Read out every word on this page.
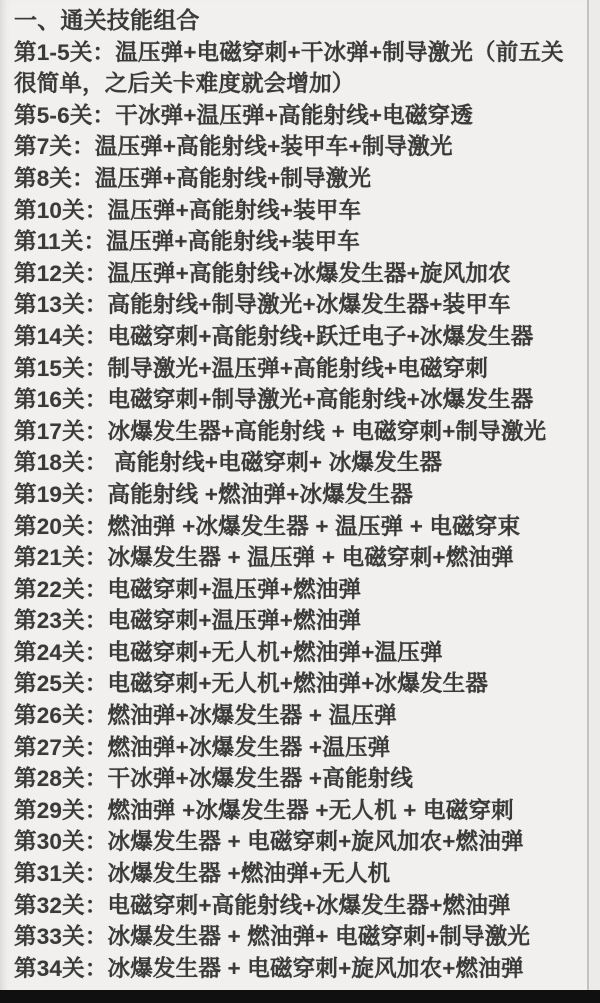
一、通关技能组合

第1-5关：温压弹+电磁穿刺+干冰弹+制导激光（前五关很简单，之后关卡难度就会增加）

第5-6关：干冰弹+温压弹+高能射线+电磁穿透

第7关：温压弹+高能射线+装甲车+制导激光

第8关：温压弹+高能射线+制导激光

第10关：温压弹+高能射线+装甲车

第11关：温压弹+高能射线+装甲车

第12关：温压弹+高能射线+冰爆发生器+旋风加农

第13关：高能射线+制导激光+冰爆发生器+装甲车

第14关：电磁穿刺+高能射线+跃迁电子+冰爆发生器

第15关：制导激光+温压弹+高能射线+电磁穿刺

第16关：电磁穿刺+制导激光+高能射线+冰爆发生器

第17关：冰爆发生器+高能射线 + 电磁穿刺+制导激光

第18关： 高能射线+电磁穿刺+ 冰爆发生器

第19关：高能射线 +燃油弹+冰爆发生器

第20关：燃油弹 +冰爆发生器 + 温压弹 + 电磁穿束

第21关：冰爆发生器 + 温压弹 + 电磁穿刺+燃油弹

第22关：电磁穿刺+温压弹+燃油弹

第23关：电磁穿刺+温压弹+燃油弹

第24关：电磁穿刺+无人机+燃油弹+温压弹

第25关：电磁穿刺+无人机+燃油弹+冰爆发生器

第26关：燃油弹+冰爆发生器 + 温压弹

第27关：燃油弹+冰爆发生器 +温压弹

第28关：干冰弹+冰爆发生器 +高能射线

第29关：燃油弹 +冰爆发生器 +无人机 + 电磁穿刺

第30关：冰爆发生器 + 电磁穿刺+旋风加农+燃油弹

第31关：冰爆发生器 +燃油弹+无人机

第32关：电磁穿刺+高能射线+冰爆发生器+燃油弹

第33关：冰爆发生器 + 燃油弹+ 电磁穿刺+制导激光

第34关：冰爆发生器 + 电磁穿刺+旋风加农+燃油弹
